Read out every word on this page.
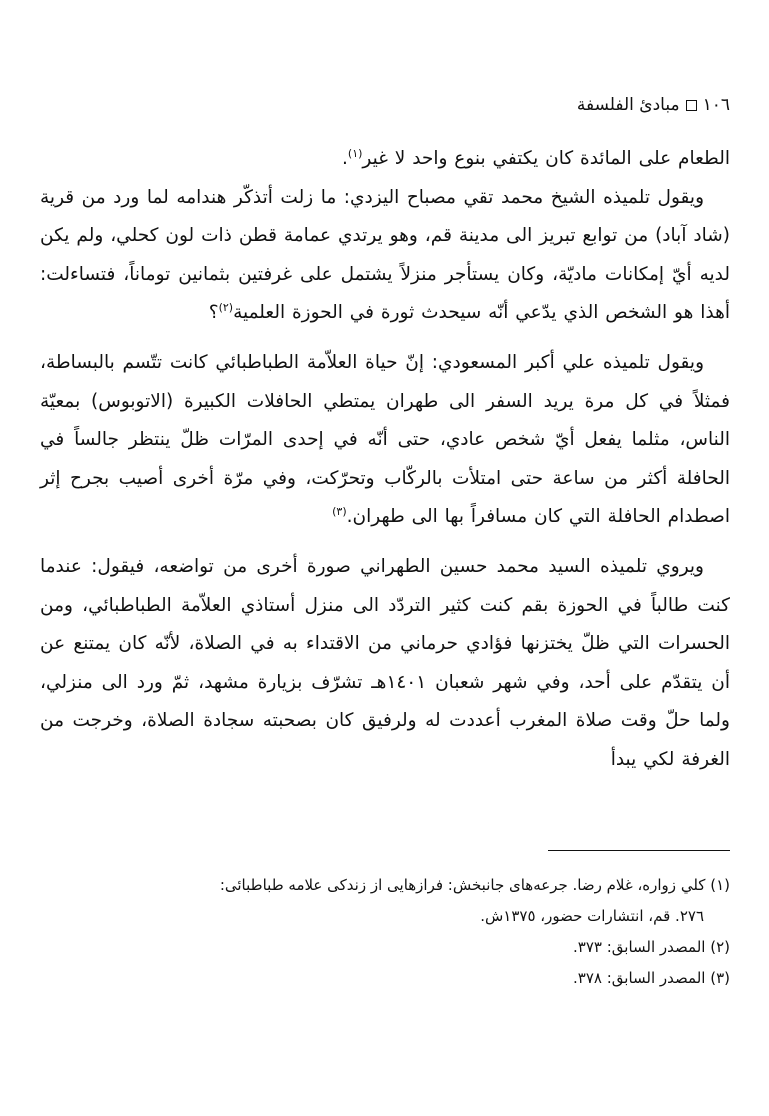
١٠٦
مبادئ الفلسفة

الطعام على المائدة كان يكتفي بنوع واحد لا غير$^{(١)}$.

ويقول تلميذه الشيخ محمد تقي مصباح اليزدي: ما زلت أتذكّر هندامه لما ورد من قرية (شاد آباد) من توابع تبريز الى مدينة قم، وهو يرتدي عمامة قطن ذات لون كحلي، ولم يكن لديه أيّ إمكانات ماديّة، وكان يستأجر منزلاً يشتمل على غرفتين بثمانين توماناً، فتساءلت: أهذا هو الشخص الذي يدّعي أنّه سيحدث ثورة في الحوزة العلمية$^{(٢)}$؟

ويقول تلميذه علي أكبر المسعودي: إنّ حياة العلاّمة الطباطبائي كانت تتّسم بالبساطة، فمثلاً في كل مرة يريد السفر الى طهران يمتطي الحافلات الكبيرة (الاتوبوس) بمعيّة الناس، مثلما يفعل أيّ شخص عادي، حتى أنّه في إحدى المرّات ظلّ ينتظر جالساً في الحافلة أكثر من ساعة حتى امتلأت بالركّاب وتحرّكت، وفي مرّة أخرى أصيب بجرح إثر اصطدام الحافلة التي كان مسافراً بها الى طهران.$^{(٣)}$

ويروي تلميذه السيد محمد حسين الطهراني صورة أخرى من تواضعه، فيقول: عندما كنت طالباً في الحوزة بقم كنت كثير التردّد الى منزل أستاذي العلاّمة الطباطبائي، ومن الحسرات التي ظلّ يختزنها فؤادي حرماني من الاقتداء به في الصلاة، لأنّه كان يمتنع عن أن يتقدّم على أحد، وفي شهر شعبان ١٤٠١هـ تشرّف بزيارة مشهد، ثمّ ورد الى منزلي، ولما حلّ وقت صلاة المغرب أعددت له ولرفيق كان بصحبته سجادة الصلاة، وخرجت من الغرفة لكي يبدأ

(١) كلي زواره، غلام رضا. جرعه‌هاى جانبخش: فرازهايى از زندكى علامه طباطبائى:

٢٧٦. قم، انتشارات حضور، ١٣٧٥ش.

(٢) المصدر السابق: ٣٧٣.

(٣) المصدر السابق: ٣٧٨.
